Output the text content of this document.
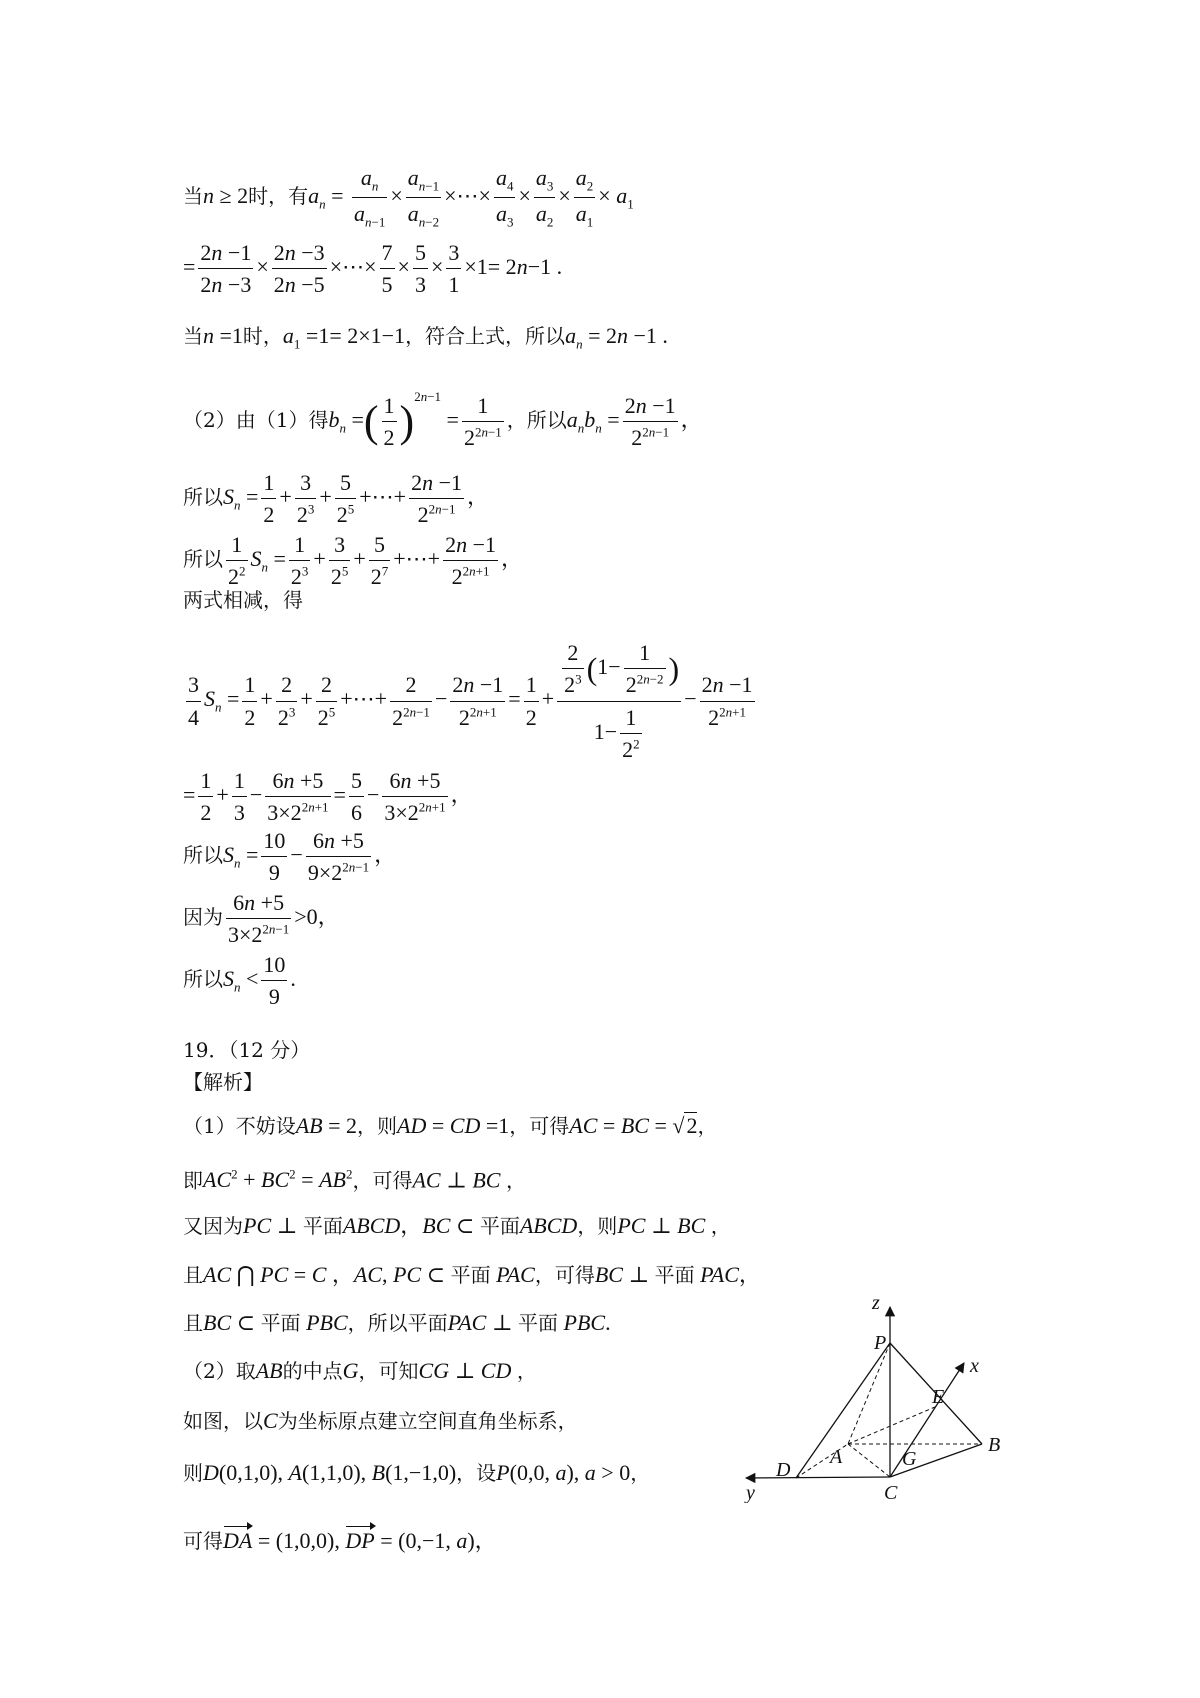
当n ≥ 2时，有$a_n = \frac{a_n}{a_{n-1}} \times \frac{a_{n-1}}{a_{n-2}}$ ×⋯× $\frac{a_4}{a_3} \times \frac{a_3}{a_2} \times \frac{a_2}{a_1} \times a_1$
= $\frac{2n -1}{2n -3} \times \frac{2n -3}{2n -5}$ ×⋯× $\frac{7}{5} \times \frac{5}{3} \times \frac{3}{1} \times 1= 2n-1$ .
当n =1时，$a_1 =1= 2\times 1-1$，符合上式，所以$a_n = 2n -1$ .
（2）由（1）得$b_n$ =( $\frac{1}{2} )^{2n-1} = \frac{1}{2^{2n-1}}$ ，所以$a_nb_n = \frac{2n -1}{2^{2n-1}}$ ，
所以$S_n = \frac{1}{2} + \frac{3}{2^3} + \frac{5}{2^5}$ +⋯+ $\frac{2n -1}{2^{2n-1}}$ ，
所以 $\frac{1}{2^2} S_n = \frac{1}{2^3} + \frac{3}{2^5} + \frac{5}{2^7}$ +⋯+ $\frac{2n -1}{2^{2n+1}}$ ，
两式相减，得
$\frac{3}{4} S_n = \frac{1}{2} + \frac{2}{2^3} + \frac{2}{2^5}$ +⋯+ $\frac{2}{2^{2n-1}} - \frac{2n -1}{2^{2n+1}} = \frac{1}{2} + \frac{\frac{2}{2^3} (1- \frac{1}{2^{2n-2}} )}{1- \frac{1}{2^2}} - \frac{2n -1}{2^{2n+1}}$
= $\frac{1}{2} + \frac{1}{3} - \frac{6n +5}{3\times 2^{2n+1}} = \frac{5}{6} - \frac{6n +5}{3\times 2^{2n+1}}$ ，
所以$S_n = \frac{10}{9} - \frac{6n +5}{9\times 2^{2n-1}}$ ，
因为 $\frac{6n +5}{3\times 2^{2n-1}} >0$，
所以$S_n < \frac{10}{9}$ .
19．（12 分）
【解析】
（1）不妨设AB = 2，则AD = CD =1，可得AC = BC = √2，
即$AC^2 + BC^2 = AB^2$，可得AC ⊥ BC ，
又因为PC ⊥ 平面ABCD，BC ⊂ 平面ABCD，则PC ⊥ BC ，
且AC ⋂ PC = C ，AC, PC ⊂ 平面 PAC，可得BC ⊥ 平面 PAC，
且BC ⊂ 平面 PBC，所以平面PAC ⊥ 平面 PBC.
（2）取AB的中点G，可知CG ⊥ CD ，
如图，以C为坐标原点建立空间直角坐标系，
则D(0,1,0), A(1,1,0), B(1,−1,0)，设P(0,0, a), a > 0，
可得DA = (1,0,0), DP = (0,−1, a)，
z
P
E
x
A	G
B
D
y	C
